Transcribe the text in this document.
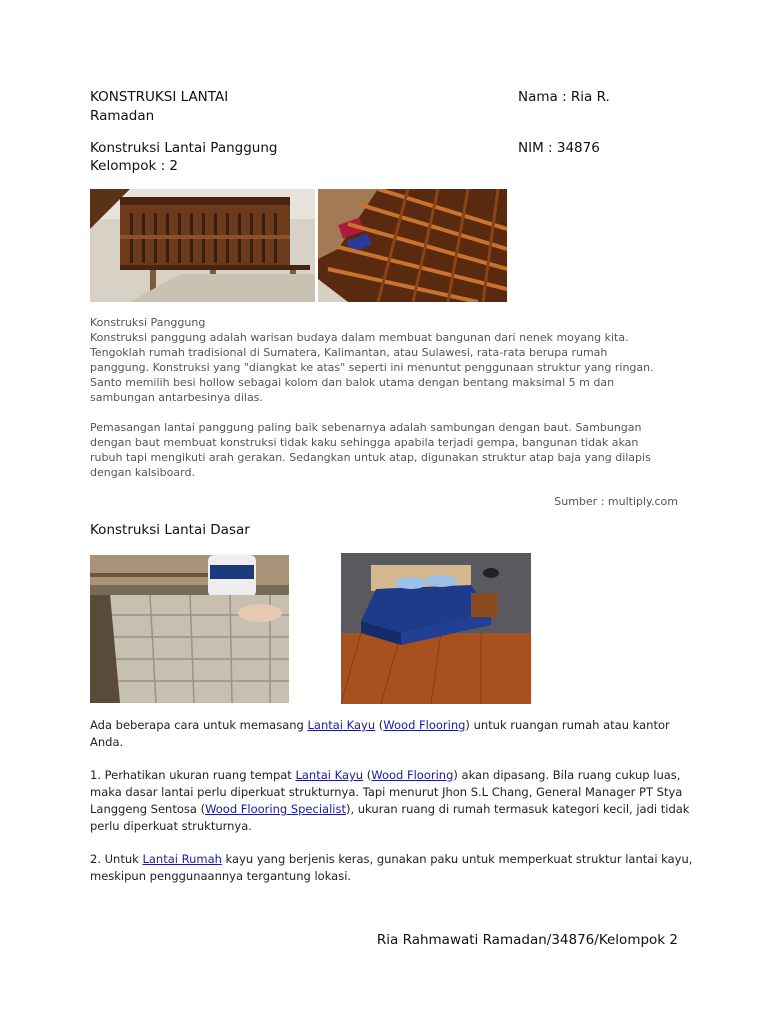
KONSTRUKSI LANTAI	Nama : Ria R.
Ramadan
Konstruksi Lantai Panggung	NIM : 34876
Kelompok : 2
Konstruksi Panggung
Konstruksi panggung adalah warisan budaya dalam membuat bangunan dari nenek moyang kita.
Tengoklah rumah tradisional di Sumatera, Kalimantan, atau Sulawesi, rata-rata berupa rumah
panggung. Konstruksi yang "diangkat ke atas" seperti ini menuntut penggunaan struktur yang ringan.
Santo memilih besi hollow sebagai kolom dan balok utama dengan bentang maksimal 5 m dan
sambungan antarbesinya dilas.
Pemasangan lantai panggung paling baik sebenarnya adalah sambungan dengan baut. Sambungan
dengan baut membuat konstruksi tidak kaku sehingga apabila terjadi gempa, bangunan tidak akan
rubuh tapi mengikuti arah gerakan. Sedangkan untuk atap, digunakan struktur atap baja yang dilapis
dengan kalsiboard.
Sumber : multiply.com
Konstruksi Lantai Dasar
Ada beberapa cara untuk memasang Lantai Kayu (Wood Flooring) untuk ruangan rumah atau kantor
Anda.
1. Perhatikan ukuran ruang tempat Lantai Kayu (Wood Flooring) akan dipasang. Bila ruang cukup luas,
maka dasar lantai perlu diperkuat strukturnya. Tapi menurut Jhon S.L Chang, General Manager PT Stya
Langgeng Sentosa (Wood Flooring Specialist), ukuran ruang di rumah termasuk kategori kecil, jadi tidak
perlu diperkuat strukturnya.
2. Untuk Lantai Rumah kayu yang berjenis keras, gunakan paku untuk memperkuat struktur lantai kayu,
meskipun penggunaannya tergantung lokasi.
Ria Rahmawati Ramadan/34876/Kelompok 2
